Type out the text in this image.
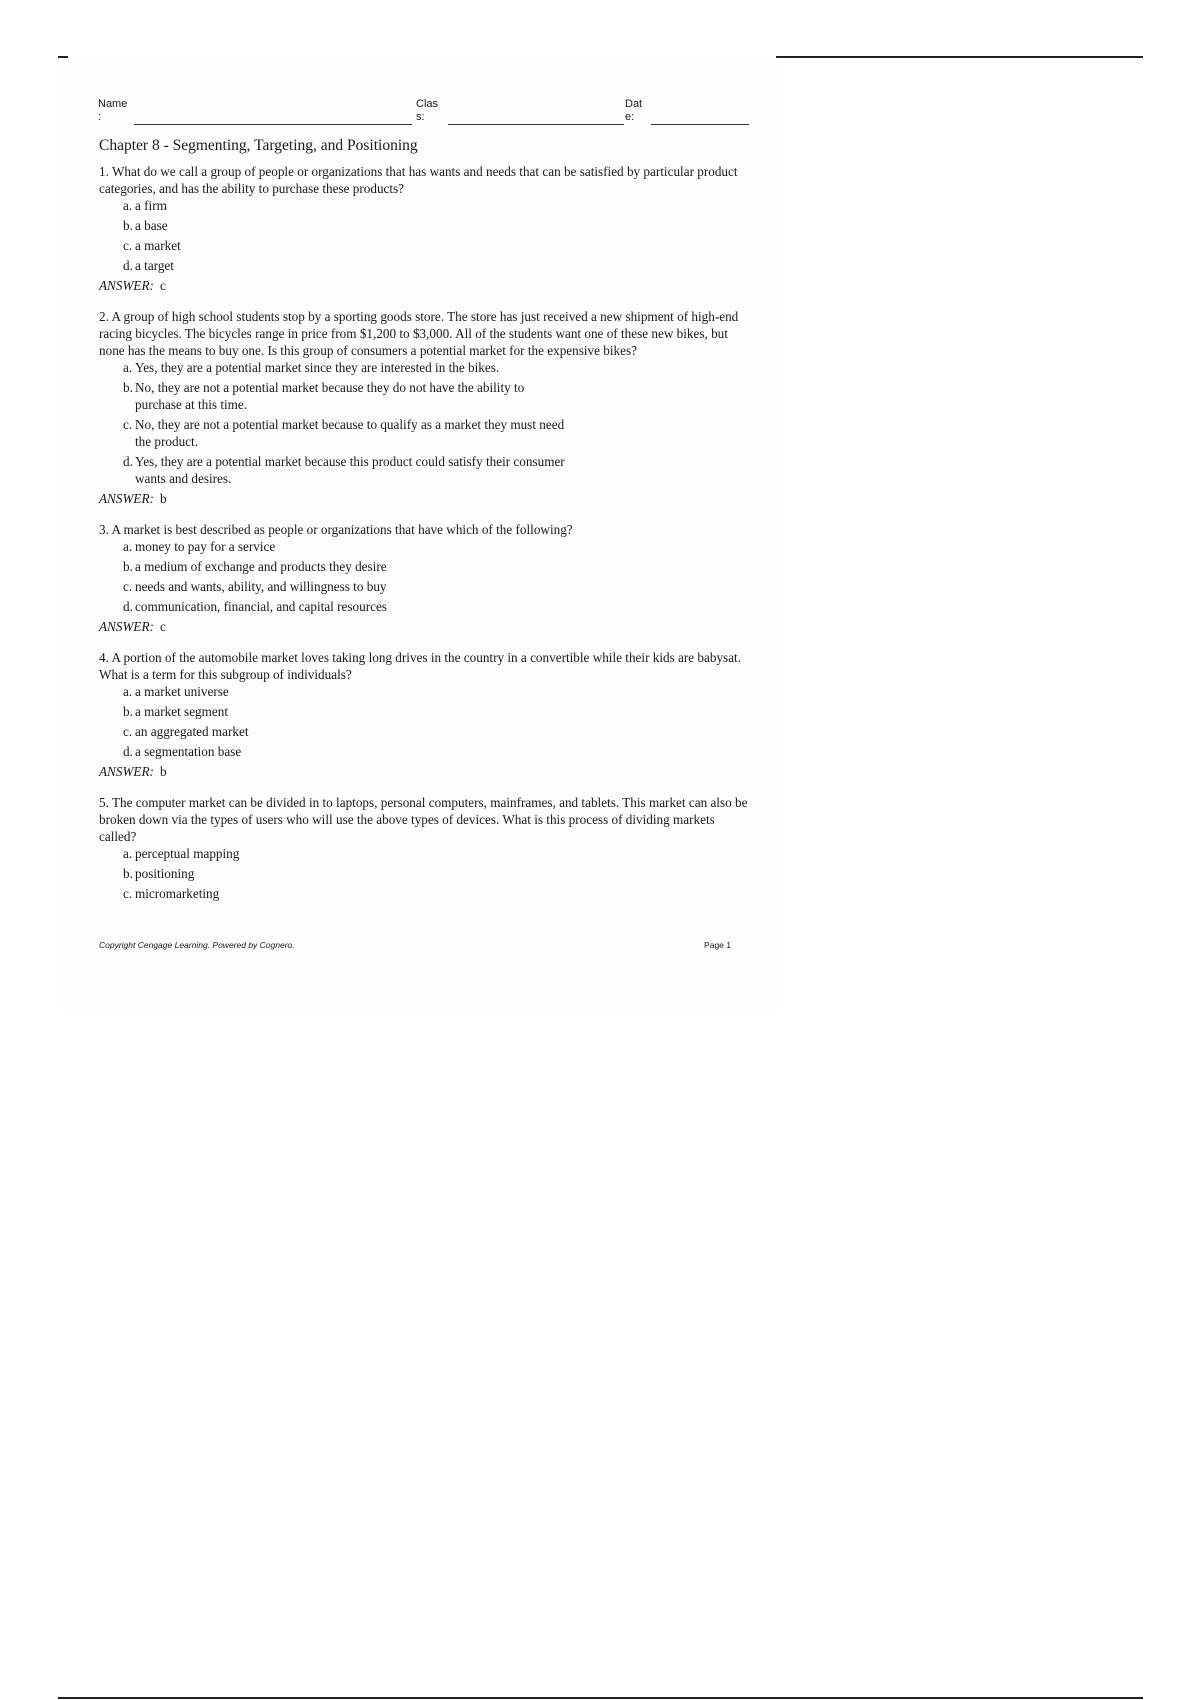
Name
:
Clas
s:
Dat
e:
Chapter 8 - Segmenting, Targeting, and Positioning

1. What do we call a group of people or organizations that has wants and needs that can be satisfied by particular product categories, and has the ability to purchase these products?

a. a firm
b. a base
c. a market
d. a target
ANSWER: c

2. A group of high school students stop by a sporting goods store. The store has just received a new shipment of high-end racing bicycles. The bicycles range in price from $1,200 to $3,000. All of the students want one of these new bikes, but none has the means to buy one. Is this group of consumers a potential market for the expensive bikes?

a. Yes, they are a potential market since they are interested in the bikes.
b. No, they are not a potential market because they do not have the ability to purchase at this time.
c. No, they are not a potential market because to qualify as a market they must need the product.
d. Yes, they are a potential market because this product could satisfy their consumer wants and desires.
ANSWER: b

3. A market is best described as people or organizations that have which of the following?

a. money to pay for a service
b. a medium of exchange and products they desire
c. needs and wants, ability, and willingness to buy
d. communication, financial, and capital resources
ANSWER: c

4. A portion of the automobile market loves taking long drives in the country in a convertible while their kids are babysat. What is a term for this subgroup of individuals?

a. a market universe
b. a market segment
c. an aggregated market
d. a segmentation base
ANSWER: b

5. The computer market can be divided in to laptops, personal computers, mainframes, and tablets. This market can also be broken down via the types of users who will use the above types of devices. What is this process of dividing markets called?

a. perceptual mapping
b. positioning
c. micromarketing
Copyright Cengage Learning. Powered by Cognero.	Page 1
